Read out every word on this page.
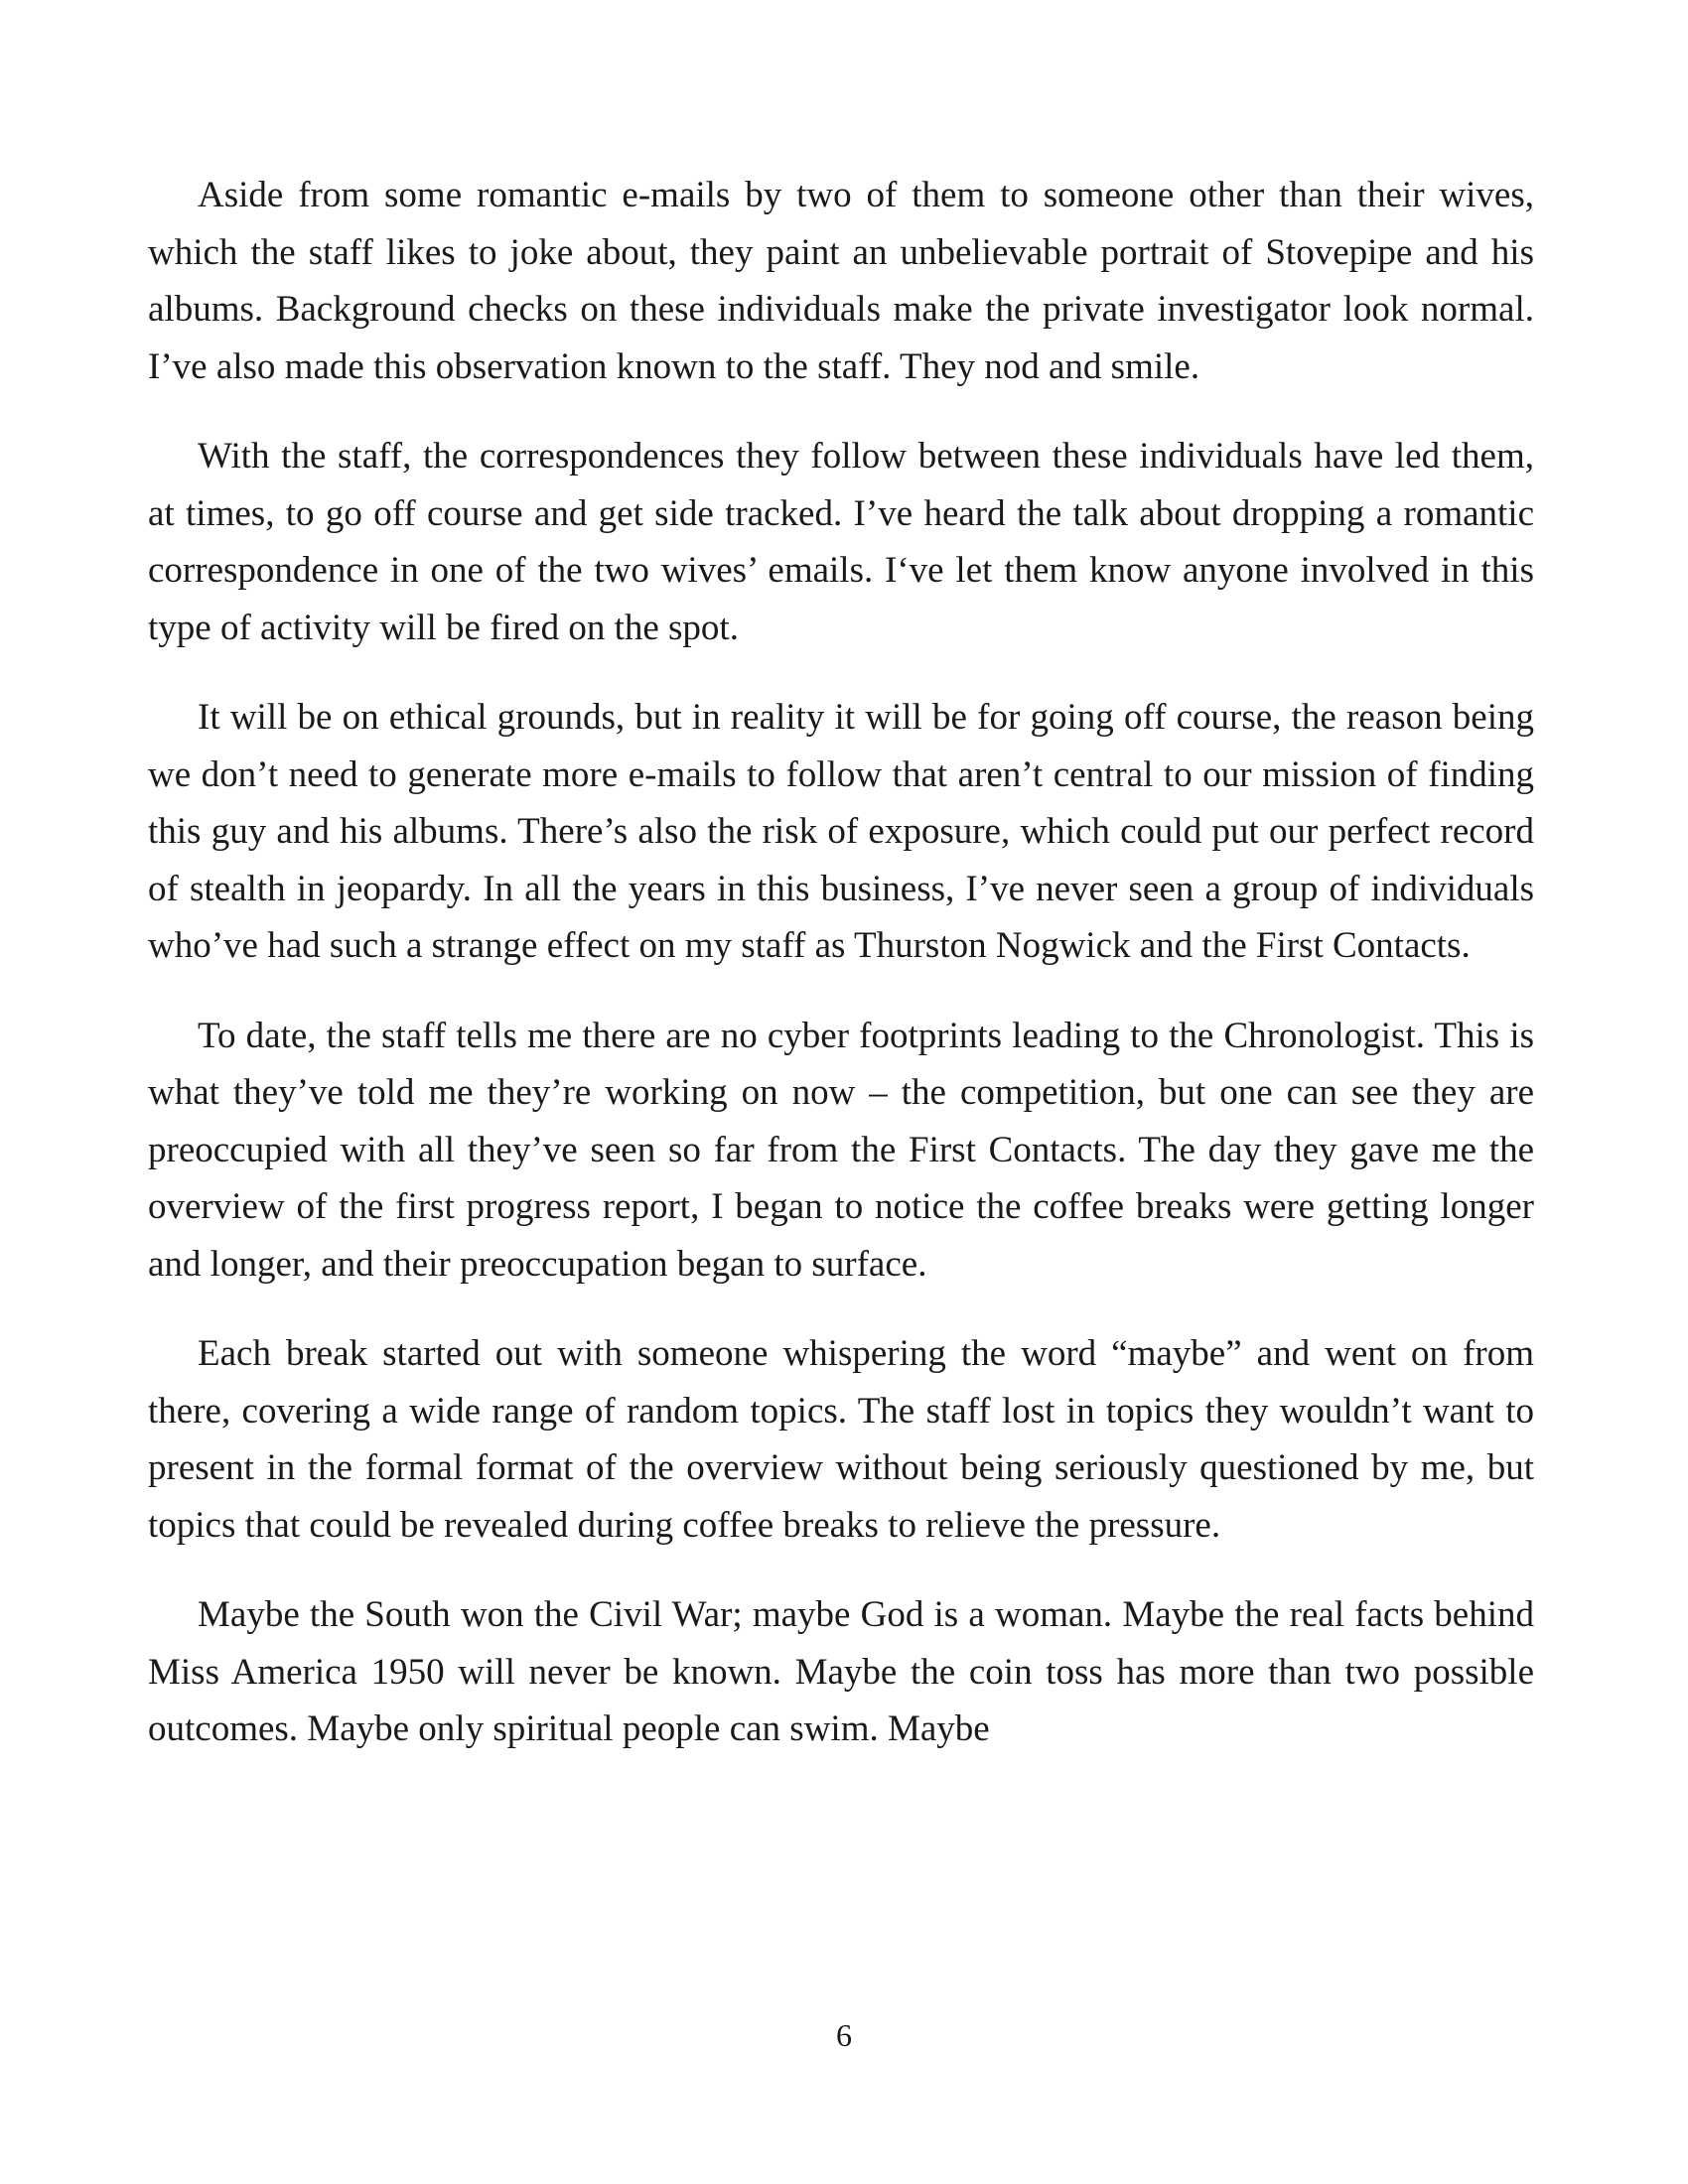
Aside from some romantic e-mails by two of them to someone other than their wives, which the staff likes to joke about, they paint an unbelievable portrait of Stovepipe and his albums. Background checks on these individuals make the private investigator look normal. I’ve also made this observation known to the staff. They nod and smile.

With the staff, the correspondences they follow between these individuals have led them, at times, to go off course and get side tracked. I’ve heard the talk about dropping a romantic correspondence in one of the two wives’ emails. I‘ve let them know anyone involved in this type of activity will be fired on the spot.

It will be on ethical grounds, but in reality it will be for going off course, the reason being we don’t need to generate more e-mails to follow that aren’t central to our mission of finding this guy and his albums. There’s also the risk of exposure, which could put our perfect record of stealth in jeopardy. In all the years in this business, I’ve never seen a group of individuals who’ve had such a strange effect on my staff as Thurston Nogwick and the First Contacts.

To date, the staff tells me there are no cyber footprints leading to the Chronologist. This is what they’ve told me they’re working on now – the competition, but one can see they are preoccupied with all they’ve seen so far from the First Contacts. The day they gave me the overview of the first progress report, I began to notice the coffee breaks were getting longer and longer, and their preoccupation began to surface.

Each break started out with someone whispering the word “maybe” and went on from there, covering a wide range of random topics. The staff lost in topics they wouldn’t want to present in the formal format of the overview without being seriously questioned by me, but topics that could be revealed during coffee breaks to relieve the pressure.

Maybe the South won the Civil War; maybe God is a woman. Maybe the real facts behind Miss America 1950 will never be known. Maybe the coin toss has more than two possible outcomes. Maybe only spiritual people can swim. Maybe

6
